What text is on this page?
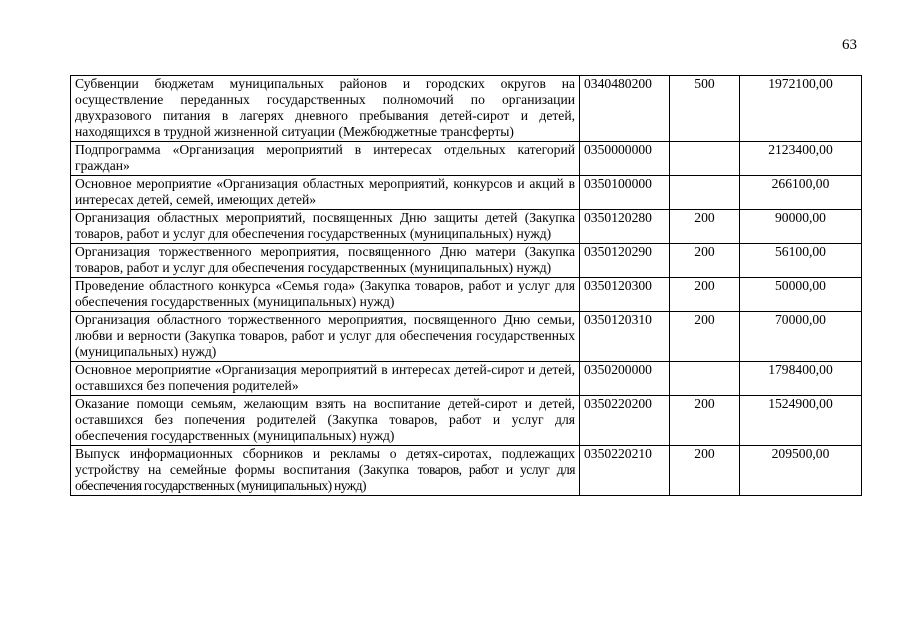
63
Субвенции бюджетам муниципальных районов и городских округов на осуществление переданных государственных полномочий по организации двухразового питания в лагерях дневного пребывания детей-сирот и детей, находящихся в трудной жизненной ситуации (Межбюджетные трансферты)	0340480200	500	1972100,00
Подпрограмма «Организация мероприятий в интересах отдельных категорий граждан»	0350000000		2123400,00
Основное мероприятие «Организация областных мероприятий, конкурсов и акций в интересах детей, семей, имеющих детей»	0350100000		266100,00
Организация областных мероприятий, посвященных Дню защиты детей (Закупка товаров, работ и услуг для обеспечения государственных (муниципальных) нужд)	0350120280	200	90000,00
Организация торжественного мероприятия, посвященного Дню матери (Закупка товаров, работ и услуг для обеспечения государственных (муниципальных) нужд)	0350120290	200	56100,00
Проведение областного конкурса «Семья года» (Закупка товаров, работ и услуг для обеспечения государственных (муниципальных) нужд)	0350120300	200	50000,00
Организация областного торжественного мероприятия, посвященного Дню семьи, любви и верности (Закупка товаров, работ и услуг для обеспечения государственных (муниципальных) нужд)	0350120310	200	70000,00
Основное мероприятие «Организация мероприятий в интересах детей-сирот и детей, оставшихся без попечения родителей»	0350200000		1798400,00
Оказание помощи семьям, желающим взять на воспитание детей-сирот и детей, оставшихся без попечения родителей (Закупка товаров, работ и услуг для обеспечения государственных (муниципальных) нужд)	0350220200	200	1524900,00
Выпуск информационных сборников и рекламы о детях-сиротах, подлежащих устройству на семейные формы воспитания (Закупка товаров, работ и услуг для обеспечения государственных (муниципальных) нужд)	0350220210	200	209500,00
